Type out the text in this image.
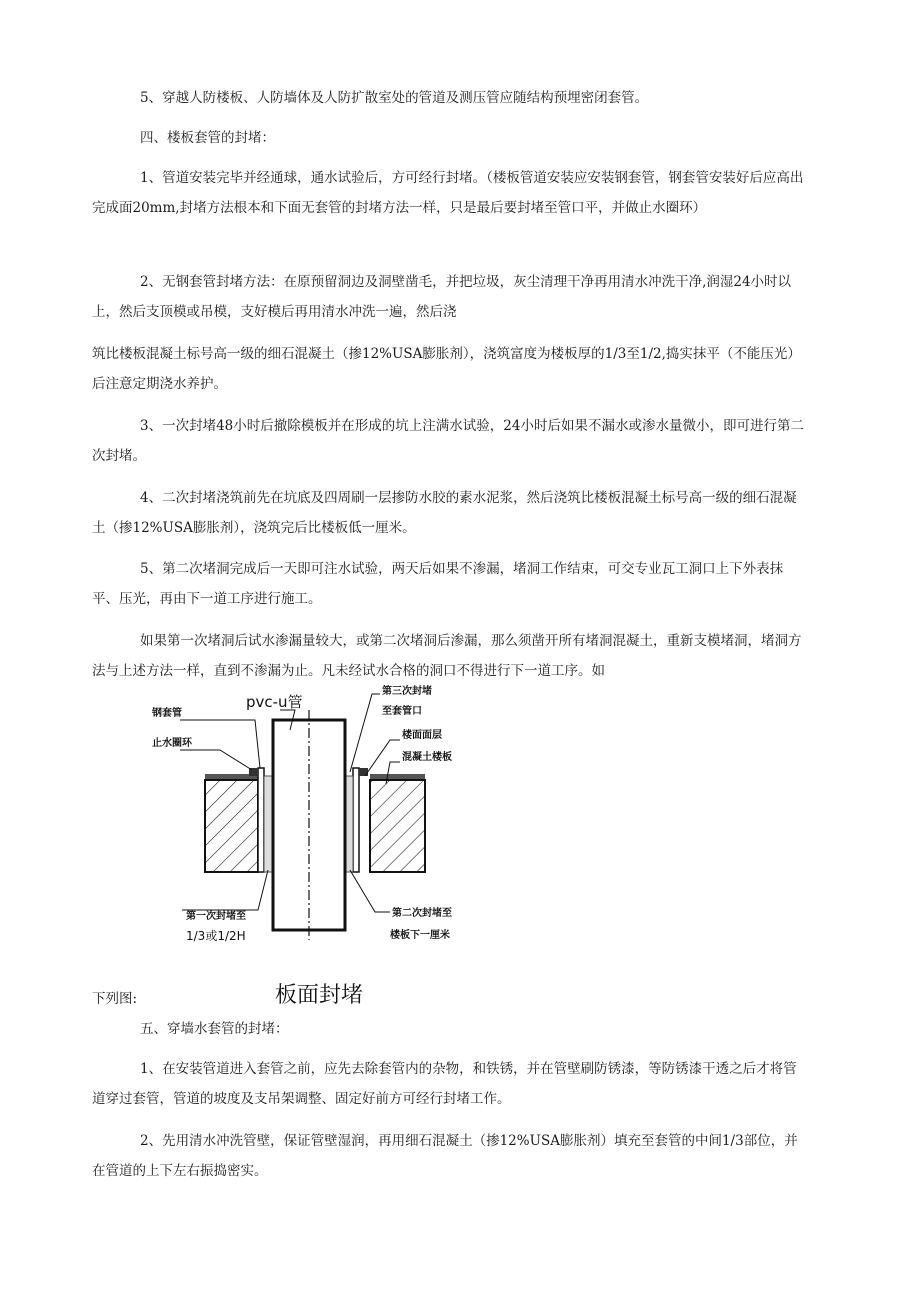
5、穿越人防楼板、人防墙体及人防扩散室处的管道及测压管应随结构预埋密闭套管。

四、楼板套管的封堵：

1、管道安装完毕并经通球，通水试验后，方可经行封堵。（楼板管道安装应安装钢套管，钢套管安装好后应高出完成面20mm,封堵方法根本和下面无套管的封堵方法一样，只是最后要封堵至管口平，并做止水圈环）

2、无钢套管封堵方法：在原预留洞边及洞壁凿毛，并把垃圾，灰尘清理干净再用清水冲洗干净,润湿24小时以上，然后支顶模或吊模，支好模后再用清水冲洗一遍，然后浇

筑比楼板混凝土标号高一级的细石混凝土（掺12%USA膨胀剂），浇筑富度为楼板厚的1/3至1/2,捣实抹平（不能压光）后注意定期浇水养护。

3、一次封堵48小时后撤除模板并在形成的坑上注满水试验，24小时后如果不漏水或渗水量微小，即可进行第二次封堵。

4、二次封堵浇筑前先在坑底及四周刷一层掺防水胶的素水泥浆，然后浇筑比楼板混凝土标号高一级的细石混凝土（掺12%USA膨胀剂），浇筑完后比楼板低一厘米。

5、第二次堵洞完成后一天即可注水试验，两天后如果不渗漏，堵洞工作结束，可交专业瓦工洞口上下外表抹平、压光，再由下一道工序进行施工。

如果第一次堵洞后试水渗漏量较大，或第二次堵洞后渗漏，那么须凿开所有堵洞混凝土，重新支模堵洞，堵洞方法与上述方法一样，直到不渗漏为止。凡未经试水合格的洞口不得进行下一道工序。如

钢套管
止水圈环
pvc-u管
第三次封堵
至套管口
楼面面层
混凝土楼板
第一次封堵至
1/3或1/2H
第二次封堵至
楼板下一厘米
板面封堵

下列图:

五、穿墙水套管的封堵：

1、在安装管道进入套管之前，应先去除套管内的杂物，和铁锈，并在管壁刷防锈漆，等防锈漆干透之后才将管道穿过套管，管道的坡度及支吊架调整、固定好前方可经行封堵工作。

2、先用清水冲洗管壁，保证管壁湿润，再用细石混凝土（掺12%USA膨胀剂）填充至套管的中间1/3部位，并在管道的上下左右振捣密实。
